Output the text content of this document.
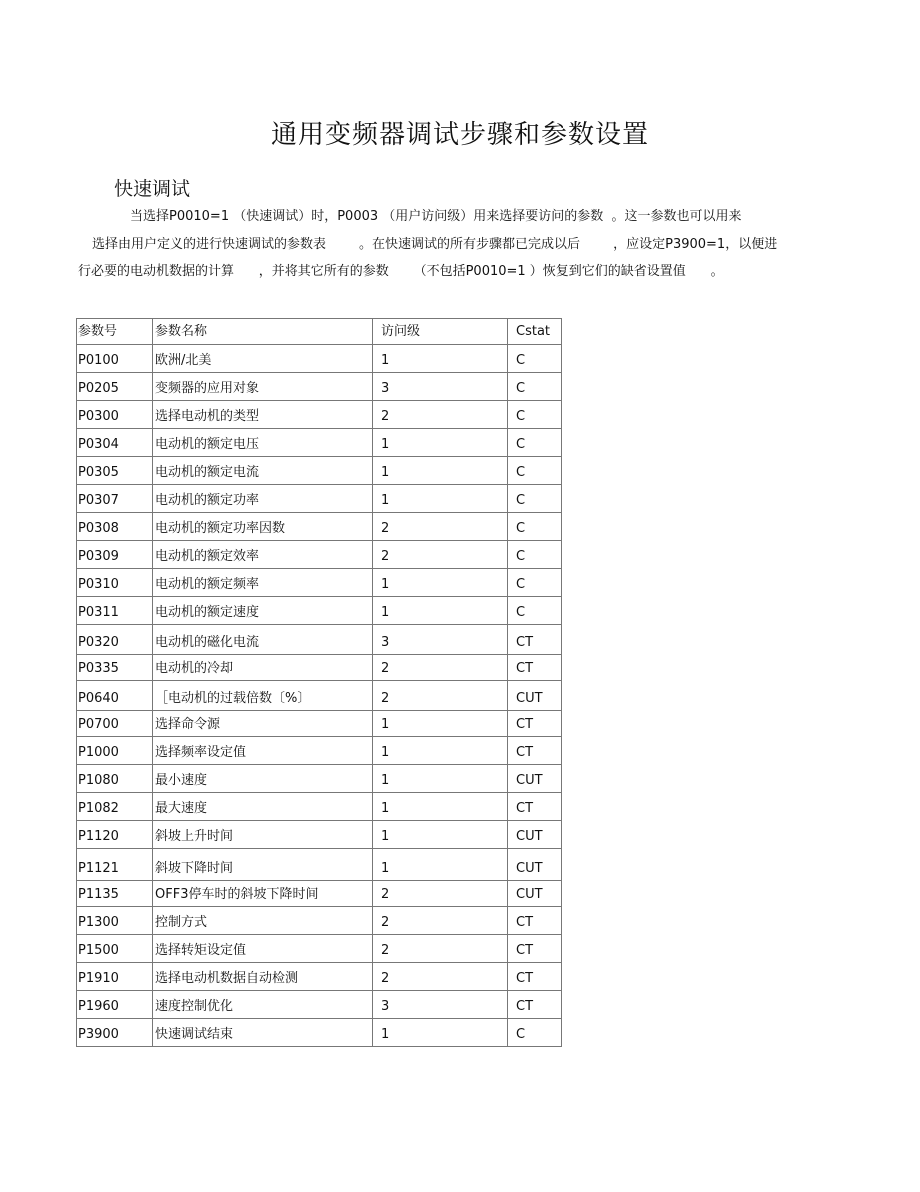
通用变频器调试步骤和参数设置
快速调试
当选择P0010=1 （快速调试）时，P0003 （用户访问级）用来选择要访问的参数  。这一参数也可以用来
选择由用户定义的进行快速调试的参数表        。在快速调试的所有步骤都已完成以后        ，应设定P3900=1，以便进
行必要的电动机数据的计算      ，并将其它所有的参数      （不包括P0010=1 ）恢复到它们的缺省设置值      。
参数号	参数名称	访问级	Cstat
P0100	欧洲/北美	1	C
P0205	变频器的应用对象	3	C
P0300	选择电动机的类型	2	C
P0304	电动机的额定电压	1	C
P0305	电动机的额定电流	1	C
P0307	电动机的额定功率	1	C
P0308	电动机的额定功率因数	2	C
P0309	电动机的额定效率	2	C
P0310	电动机的额定频率	1	C
P0311	电动机的额定速度	1	C
P0320	电动机的磁化电流	3	CT
P0335	电动机的冷却	2	CT
P0640	［电动机的过载倍数〔%〕	2	CUT
P0700	选择命令源	1	CT
P1000	选择频率设定值	1	CT
P1080	最小速度	1	CUT
P1082	最大速度	1	CT
P1120	斜坡上升时间	1	CUT
P1121	斜坡下降时间	1	CUT
P1135	OFF3停车时的斜坡下降时间	2	CUT
P1300	控制方式	2	CT
P1500	选择转矩设定值	2	CT
P1910	选择电动机数据自动检测	2	CT
P1960	速度控制优化	3	CT
P3900	快速调试结束	1	C
